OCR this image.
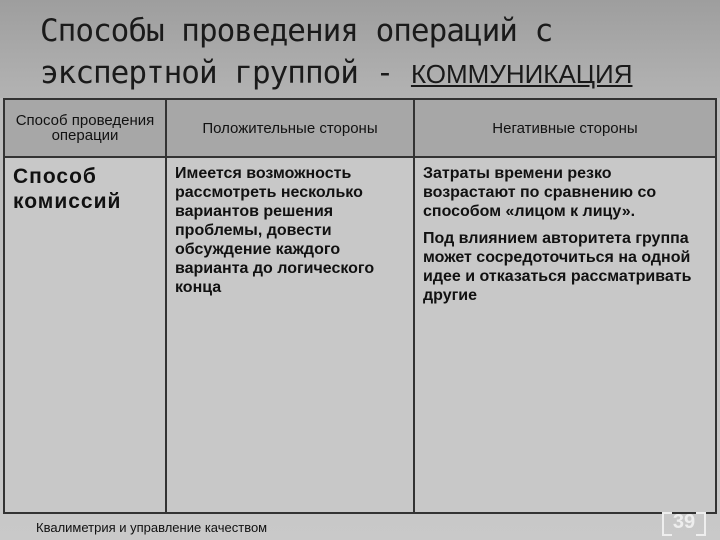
Способы проведения операций с экспертной группой - КОММУНИКАЦИЯ
Способ проведения операции	Положительные стороны	Негативные стороны

Способ комиссий	Имеется возможность рассмотреть несколько вариантов решения проблемы, довести обсуждение каждого варианта до логического конца	Затраты времени резко возрастают по сравнению со способом «лицом к лицу».

Под влиянием авторитета группа может сосредоточиться на одной идее и отказаться рассматривать другие

Квалиметрия и управление качеством	39
